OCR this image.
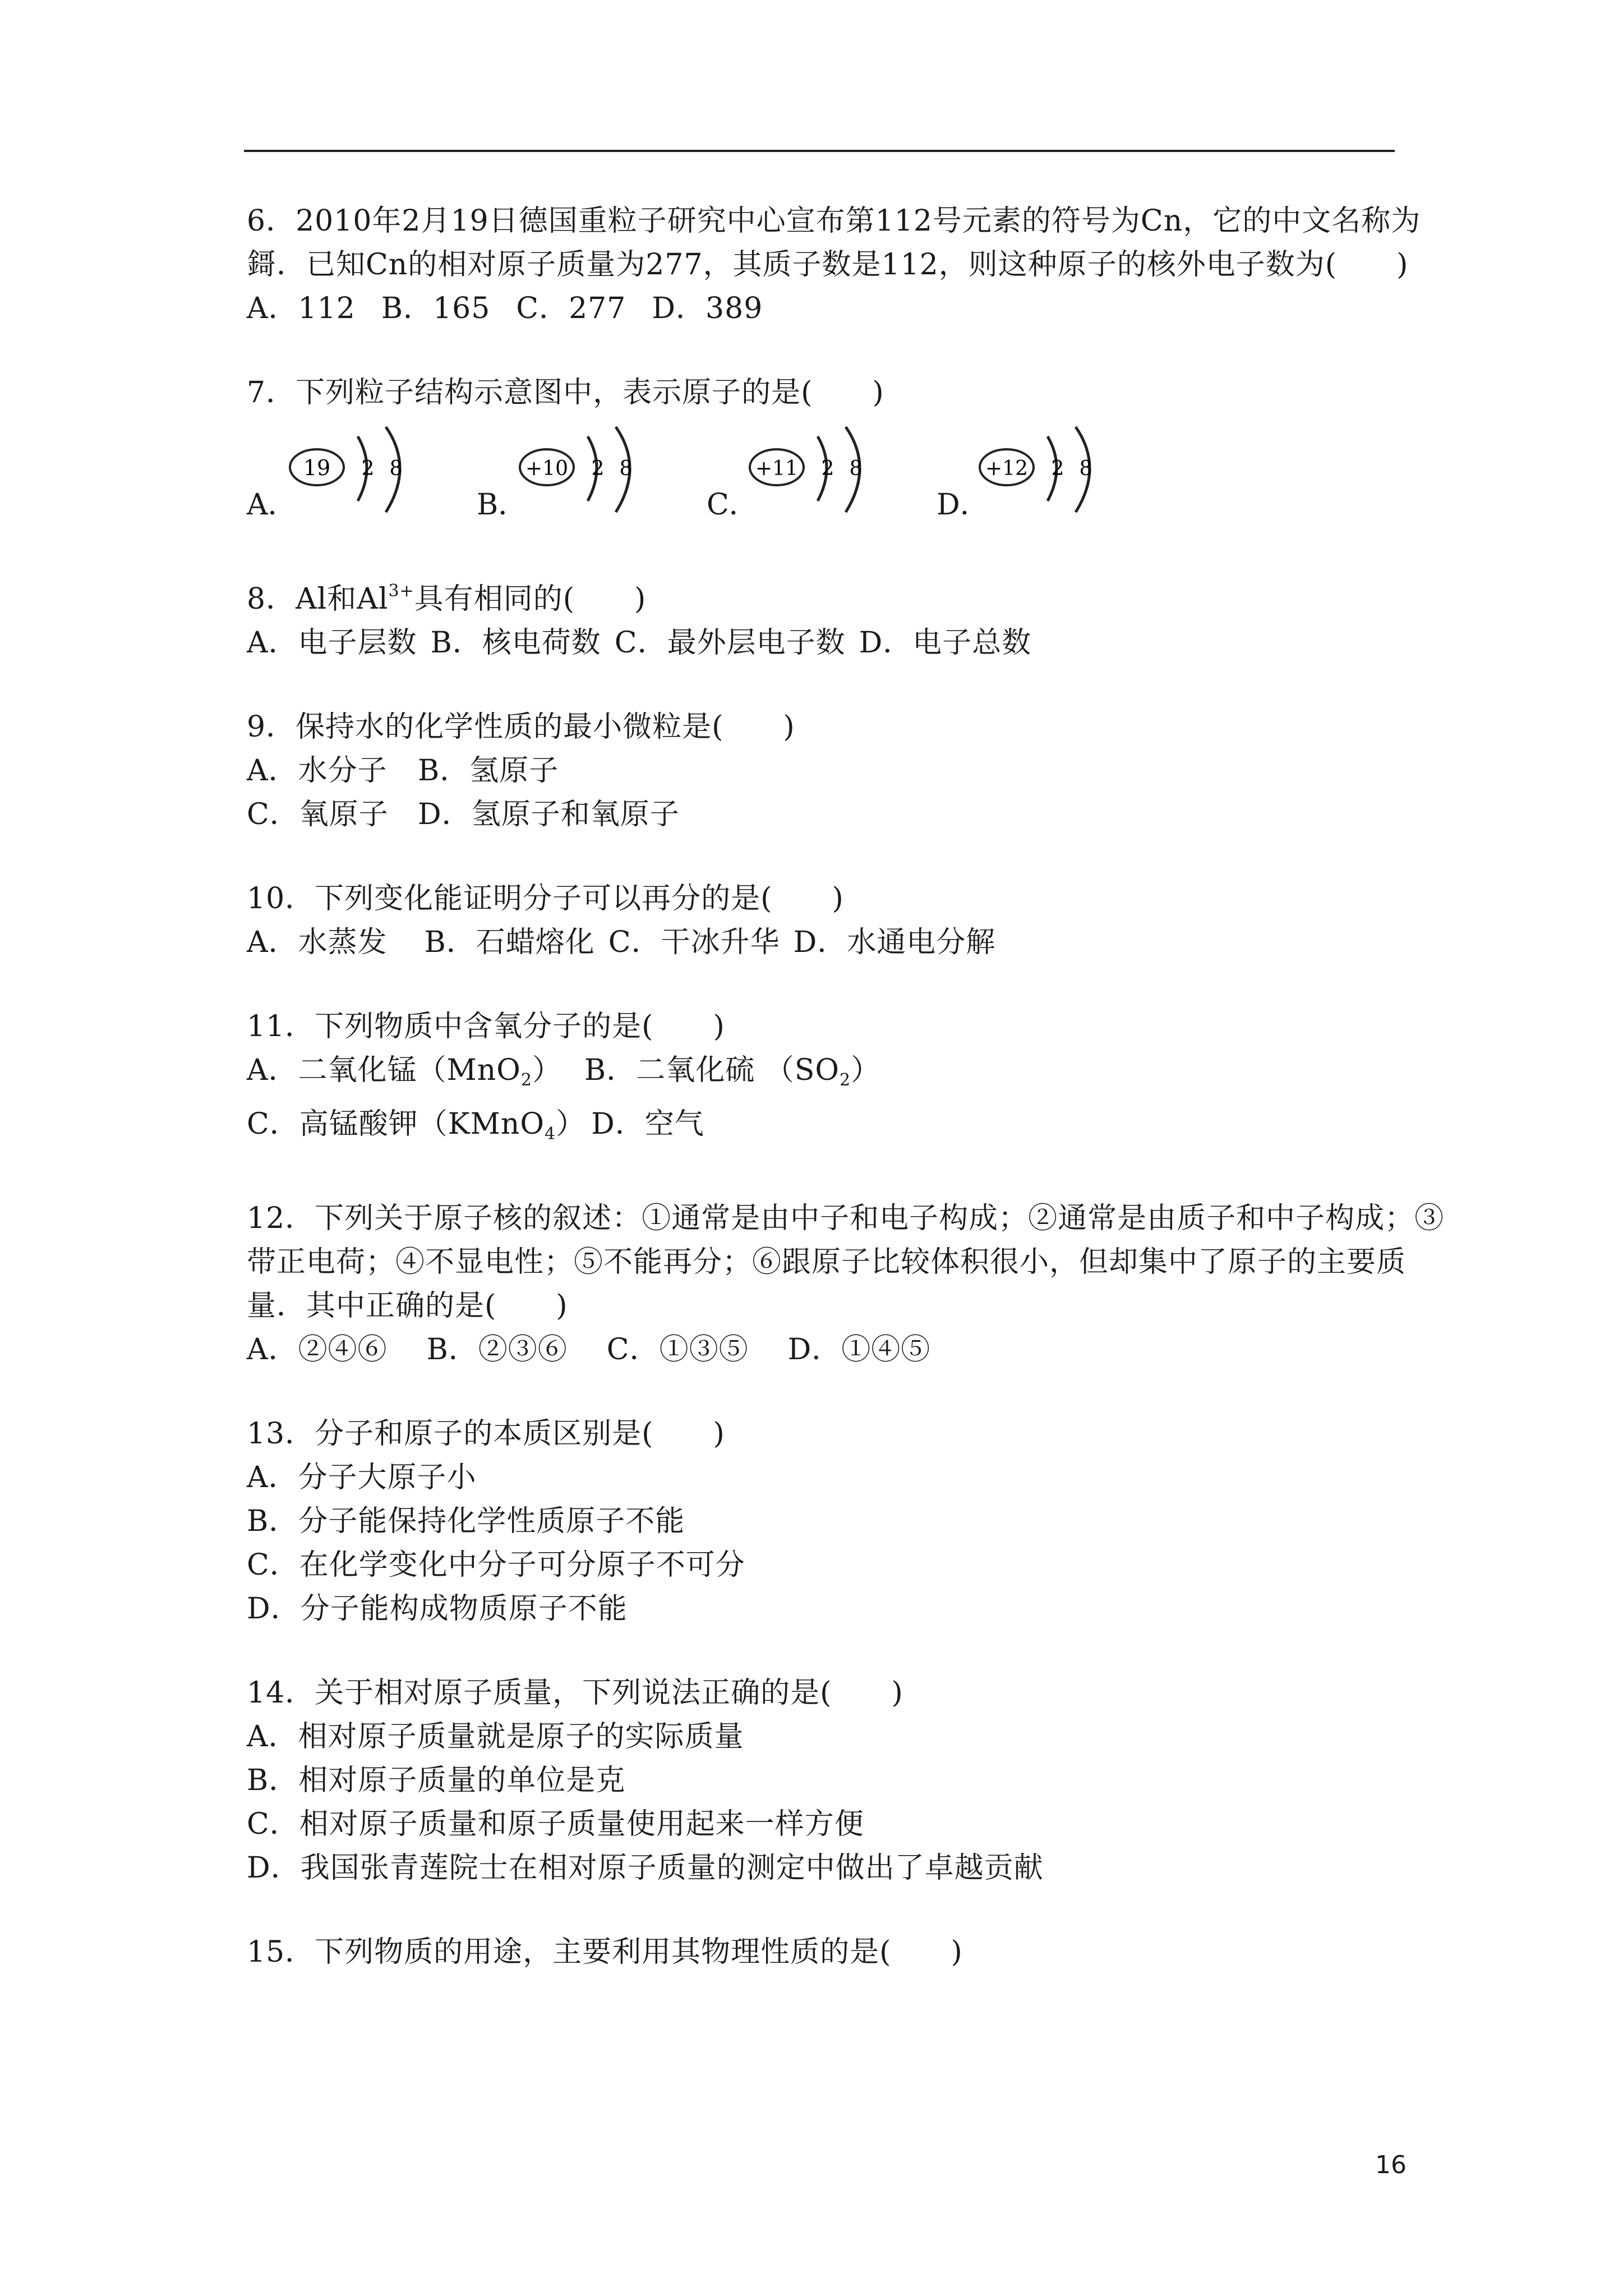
6．2010年2月19日德国重粒子研究中心宣布第112号元素的符号为Cn，它的中文名称为
鎶．已知Cn的相对原子质量为277，其质子数是112，则这种原子的核外电子数为(　　)
A．112 B．165 C．277 D．389
7．下列粒子结构示意图中，表示原子的是(　　)
A．
19 2 8
B．
+10 2 8
C．
+11 2 8
D．
+12 2 8
8．Al和$Al^{3+}$具有相同的(　　)
A．电子层数 B．核电荷数 C．最外层电子数 D．电子总数
9．保持水的化学性质的最小微粒是(　　)
A．水分子 B．氢原子
C．氧原子 D．氢原子和氧原子
10．下列变化能证明分子可以再分的是(　　)
A．水蒸发 B．石蜡熔化 C．干冰升华 D．水通电分解
11．下列物质中含氧分子的是(　　)
A．二氧化锰（MnO$_2$） B．二氧化硫 $(SO_2)$
C．高锰酸钾（KMnO$_4$） D．空气
12．下列关于原子核的叙述：①通常是由中子和电子构成；②通常是由质子和中子构成；③
带正电荷；④不显电性；⑤不能再分；⑥跟原子比较体积很小，但却集中了原子的主要质
量．其中正确的是(　　)
A．②④⑥ B．②③⑥ C．①③⑤ D．①④⑤
13．分子和原子的本质区别是(　　)
A．分子大原子小
B．分子能保持化学性质原子不能
C．在化学变化中分子可分原子不可分
D．分子能构成物质原子不能
14．关于相对原子质量，下列说法正确的是(　　)
A．相对原子质量就是原子的实际质量
B．相对原子质量的单位是克
C．相对原子质量和原子质量使用起来一样方便
D．我国张青莲院士在相对原子质量的测定中做出了卓越贡献
15．下列物质的用途，主要利用其物理性质的是(　　)
16
